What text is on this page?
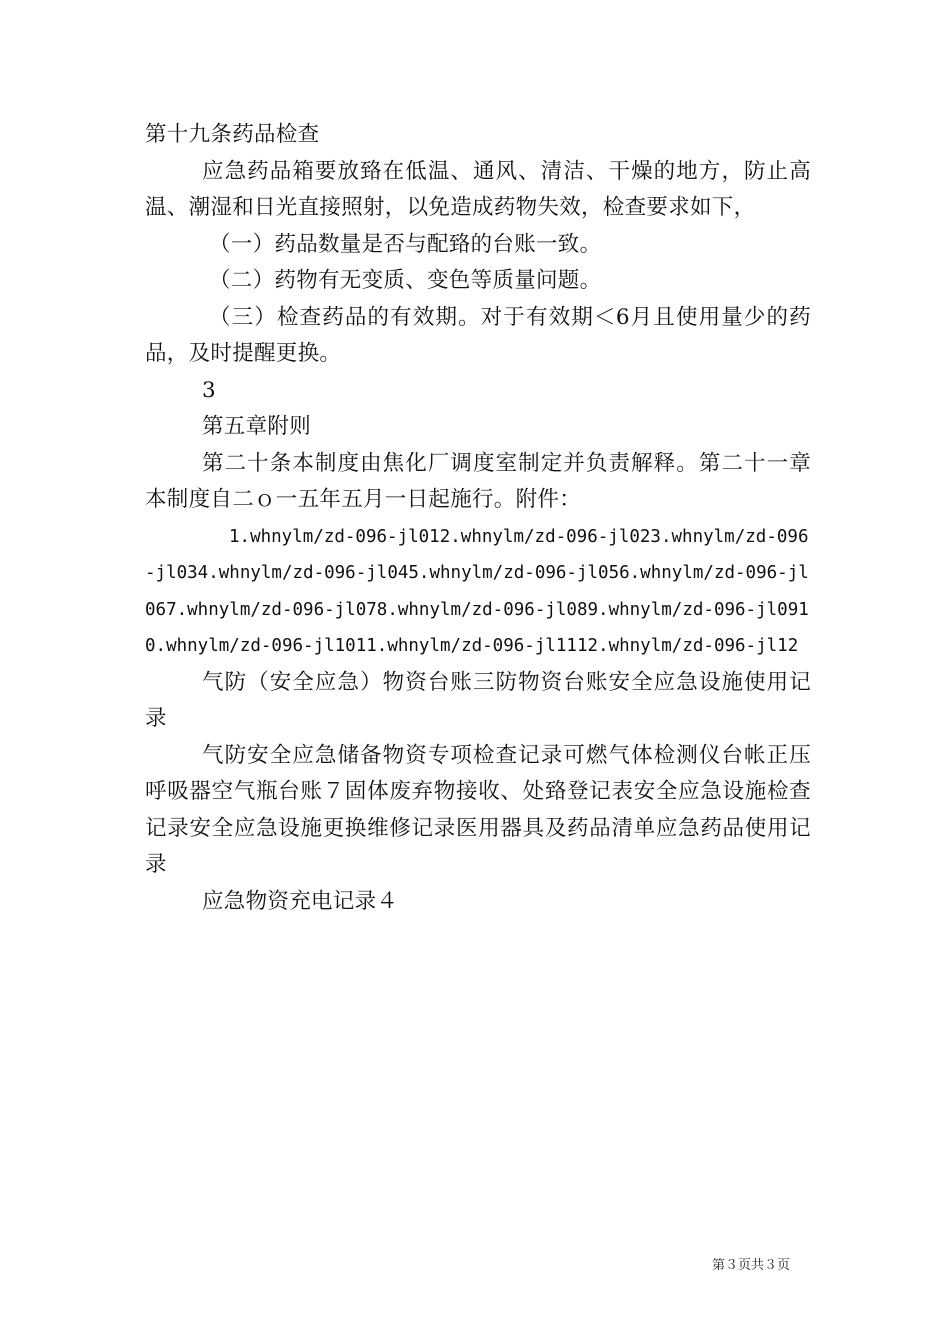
第十九条药品检查

应急药品箱要放臵在低温、通风、清洁、干燥的地方，防止高温、潮湿和日光直接照射，以免造成药物失效，检查要求如下，

（一）药品数量是否与配臵的台账一致。

（二）药物有无变质、变色等质量问题。

（三）检查药品的有效期。对于有效期＜6月且使用量少的药品，及时提醒更换。

3

第五章附则

第二十条本制度由焦化厂调度室制定并负责解释。第二十一章本制度自二ｏ一五年五月一日起施行。附件：

1.whnylm/zd-096-jl012.whnylm/zd-096-jl023.whnylm/zd-096-jl034.whnylm/zd-096-jl045.whnylm/zd-096-jl056.whnylm/zd-096-jl067.whnylm/zd-096-jl078.whnylm/zd-096-jl089.whnylm/zd-096-jl0910.whnylm/zd-096-jl1011.whnylm/zd-096-jl1112.whnylm/zd-096-jl12

气防（安全应急）物资台账三防物资台账安全应急设施使用记录

气防安全应急储备物资专项检查记录可燃气体检测仪台帐正压呼吸器空气瓶台账７固体废弃物接收、处臵登记表安全应急设施检查记录安全应急设施更换维修记录医用器具及药品清单应急药品使用记录

应急物资充电记录４

第３页共３页
